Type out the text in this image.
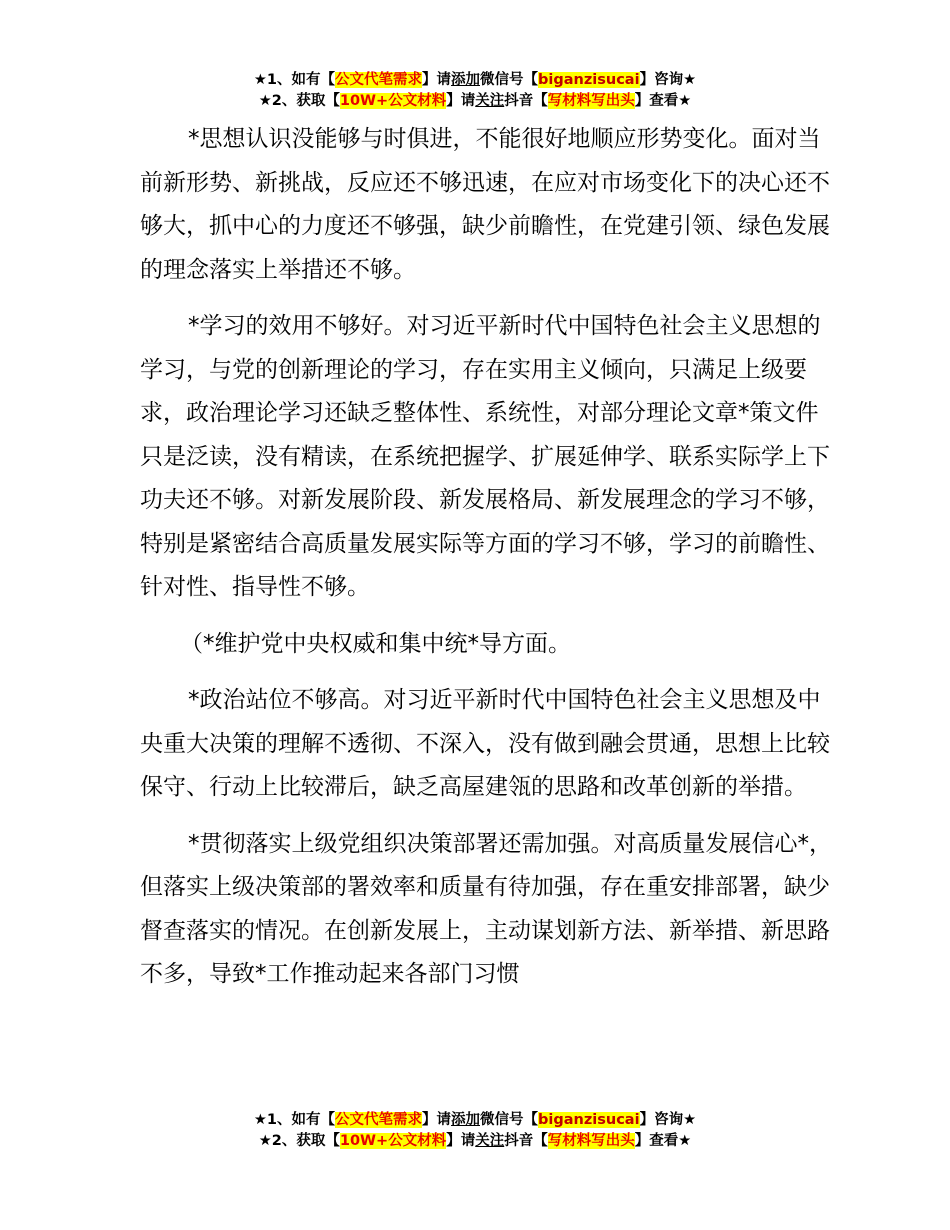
★1、如有【公文代笔需求】请添加微信号【biganzisucai】咨询★
★2、获取【10W+公文材料】请关注抖音【写材料写出头】查看★

*思想认识没能够与时俱进，不能很好地顺应形势变化。面对当前新形势、新挑战，反应还不够迅速，在应对市场变化下的决心还不够大，抓中心的力度还不够强，缺少前瞻性，在党建引领、绿色发展的理念落实上举措还不够。

*学习的效用不够好。对习近平新时代中国特色社会主义思想的学习，与党的创新理论的学习，存在实用主义倾向，只满足上级要求，政治理论学习还缺乏整体性、系统性，对部分理论文章*策文件只是泛读，没有精读，在系统把握学、扩展延伸学、联系实际学上下功夫还不够。对新发展阶段、新发展格局、新发展理念的学习不够，特别是紧密结合高质量发展实际等方面的学习不够，学习的前瞻性、针对性、指导性不够。

（*维护党中央权威和集中统*导方面。

*政治站位不够高。对习近平新时代中国特色社会主义思想及中央重大决策的理解不透彻、不深入，没有做到融会贯通，思想上比较保守、行动上比较滞后，缺乏高屋建瓴的思路和改革创新的举措。

*贯彻落实上级党组织决策部署还需加强。对高质量发展信心*，但落实上级决策部的署效率和质量有待加强，存在重安排部署，缺少督查落实的情况。在创新发展上，主动谋划新方法、新举措、新思路不多，导致*工作推动起来各部门习惯

★1、如有【公文代笔需求】请添加微信号【biganzisucai】咨询★
★2、获取【10W+公文材料】请关注抖音【写材料写出头】查看★
